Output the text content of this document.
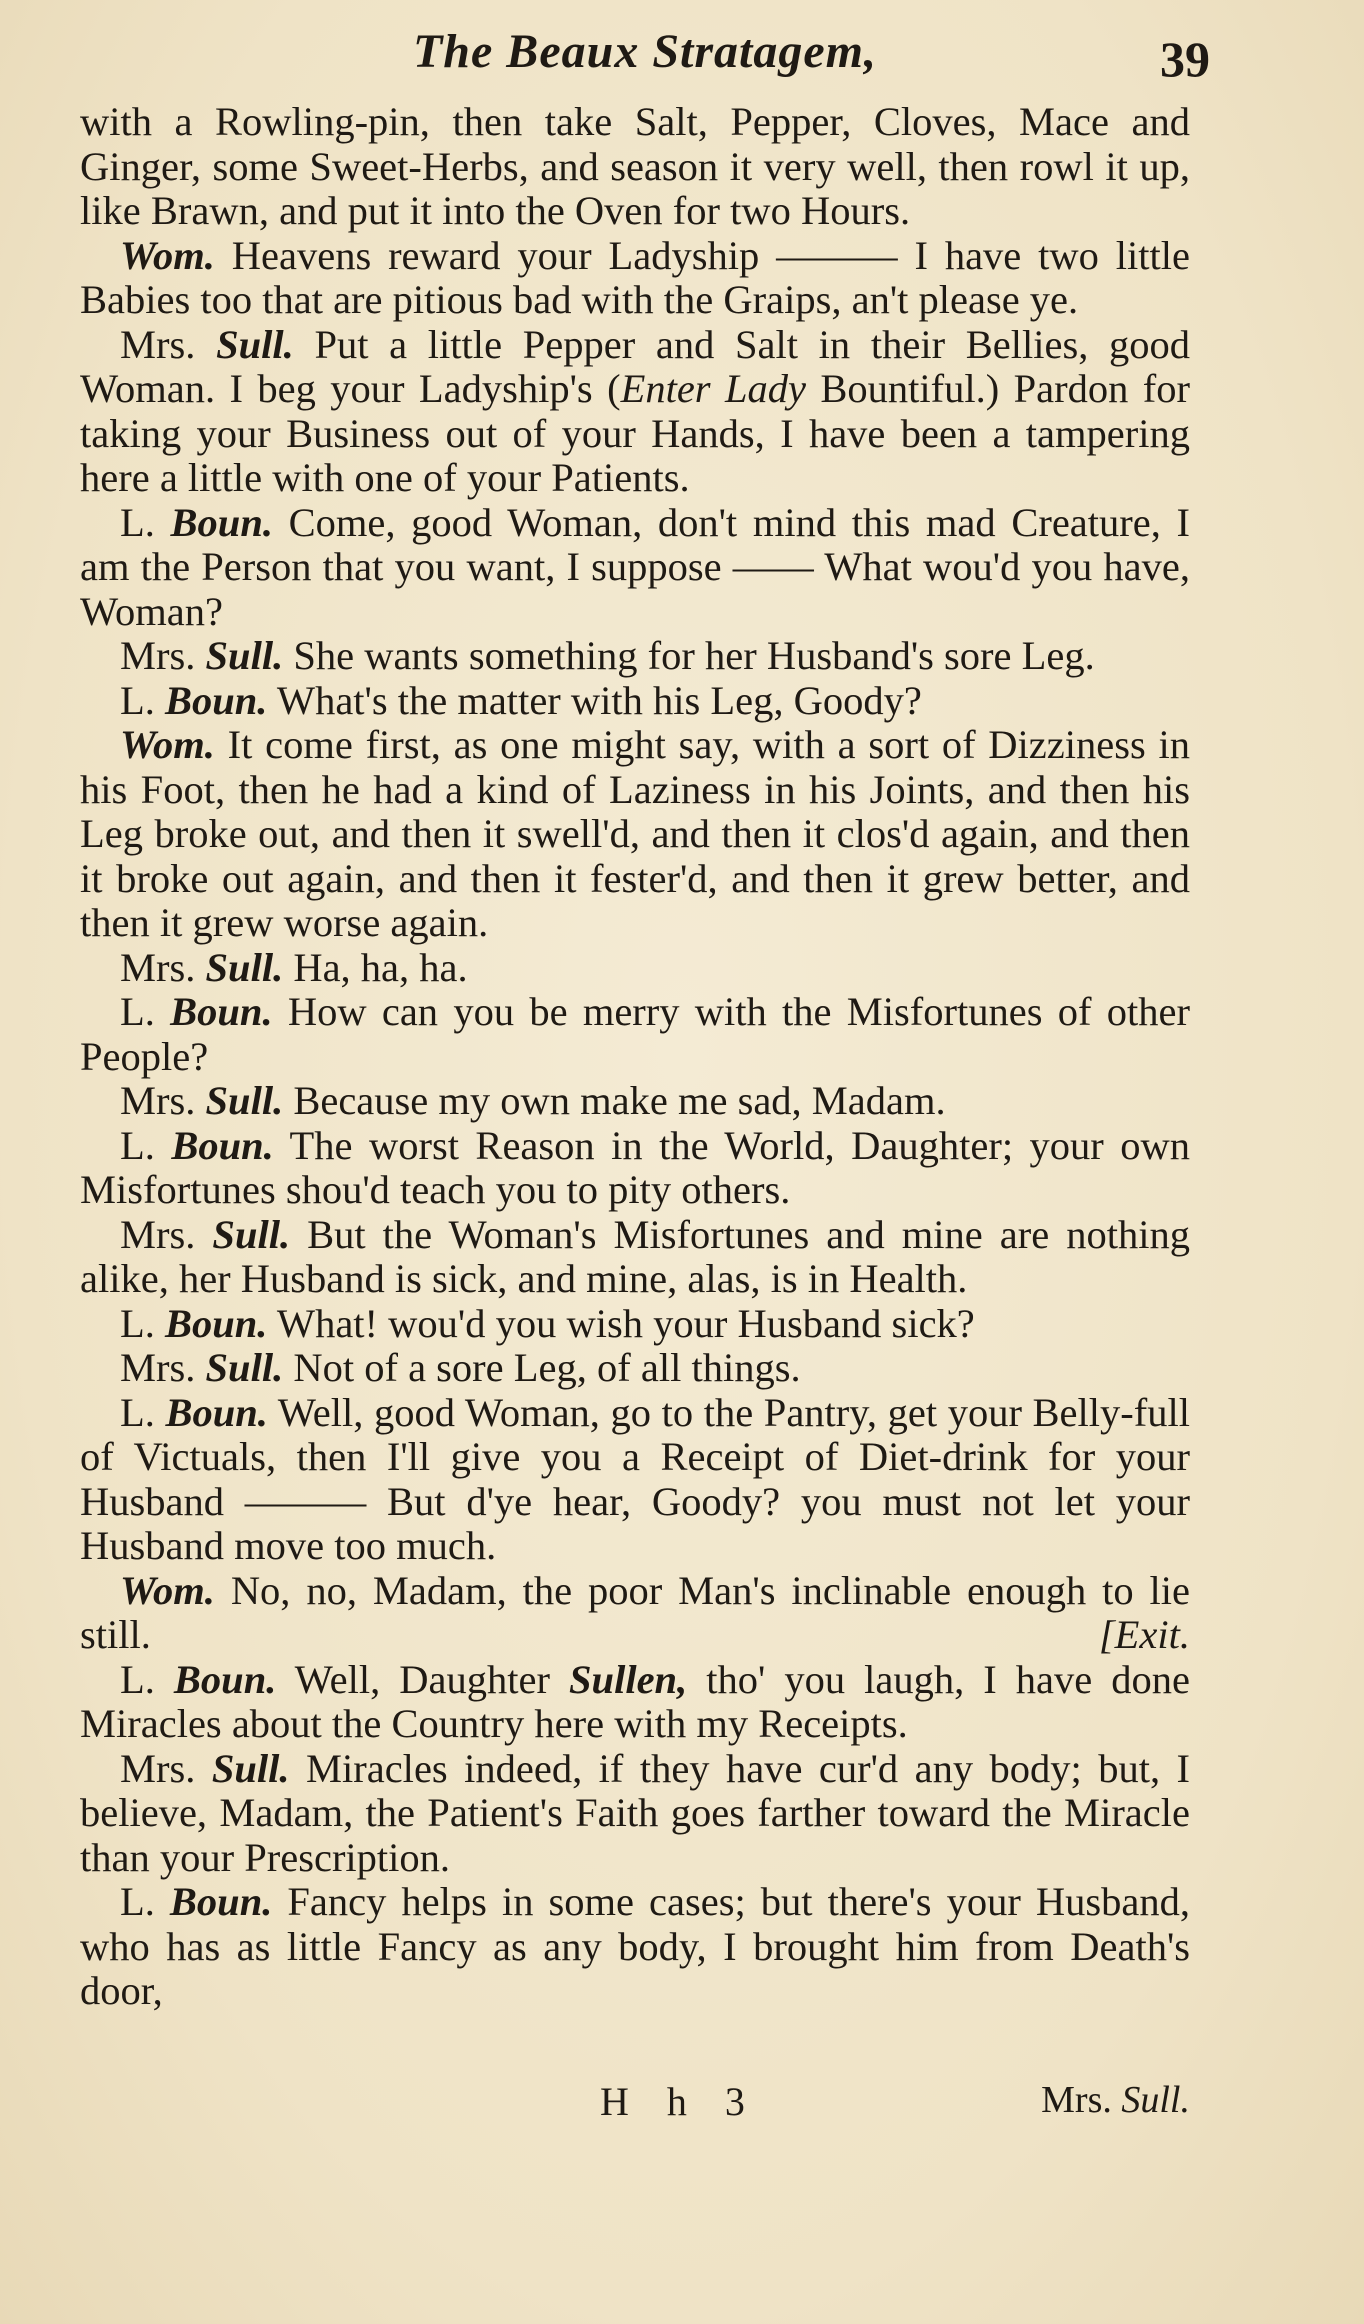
The Beaux Stratagem,	39

with a Rowling-pin, then take Salt, Pepper, Cloves, Mace and Ginger, some Sweet-Herbs, and season it very well, then rowl it up, like Brawn, and put it into the Oven for two Hours.

Wom. Heavens reward your Ladyship ——— I have two little Babies too that are pitious bad with the Graips, an't please ye.

Mrs. Sull. Put a little Pepper and Salt in their Bellies, good Woman. I beg your Ladyship's (Enter Lady Bountiful.) Pardon for taking your Business out of your Hands, I have been a tampering here a little with one of your Patients.

L. Boun. Come, good Woman, don't mind this mad Creature, I am the Person that you want, I suppose —— What wou'd you have, Woman?

Mrs. Sull. She wants something for her Husband's sore Leg.

L. Boun. What's the matter with his Leg, Goody?

Wom. It come first, as one might say, with a sort of Dizziness in his Foot, then he had a kind of Laziness in his Joints, and then his Leg broke out, and then it swell'd, and then it clos'd again, and then it broke out again, and then it fester'd, and then it grew better, and then it grew worse again.

Mrs. Sull. Ha, ha, ha.

L. Boun. How can you be merry with the Misfortunes of other People?

Mrs. Sull. Because my own make me sad, Madam.

L. Boun. The worst Reason in the World, Daughter; your own Misfortunes shou'd teach you to pity others.

Mrs. Sull. But the Woman's Misfortunes and mine are nothing alike, her Husband is sick, and mine, alas, is in Health.

L. Boun. What! wou'd you wish your Husband sick?

Mrs. Sull. Not of a sore Leg, of all things.

L. Boun. Well, good Woman, go to the Pantry, get your Belly-full of Victuals, then I'll give you a Receipt of Diet-drink for your Husband ——— But d'ye hear, Goody? you must not let your Husband move too much.

Wom. No, no, Madam, the poor Man's inclinable enough to lie still.	[Exit.

L. Boun. Well, Daughter Sullen, tho' you laugh, I have done Miracles about the Country here with my Receipts.

Mrs. Sull. Miracles indeed, if they have cur'd any body; but, I believe, Madam, the Patient's Faith goes farther toward the Miracle than your Prescription.

L. Boun. Fancy helps in some cases; but there's your Husband, who has as little Fancy as any body, I brought him from Death's door,

H h 3	Mrs. Sull.
